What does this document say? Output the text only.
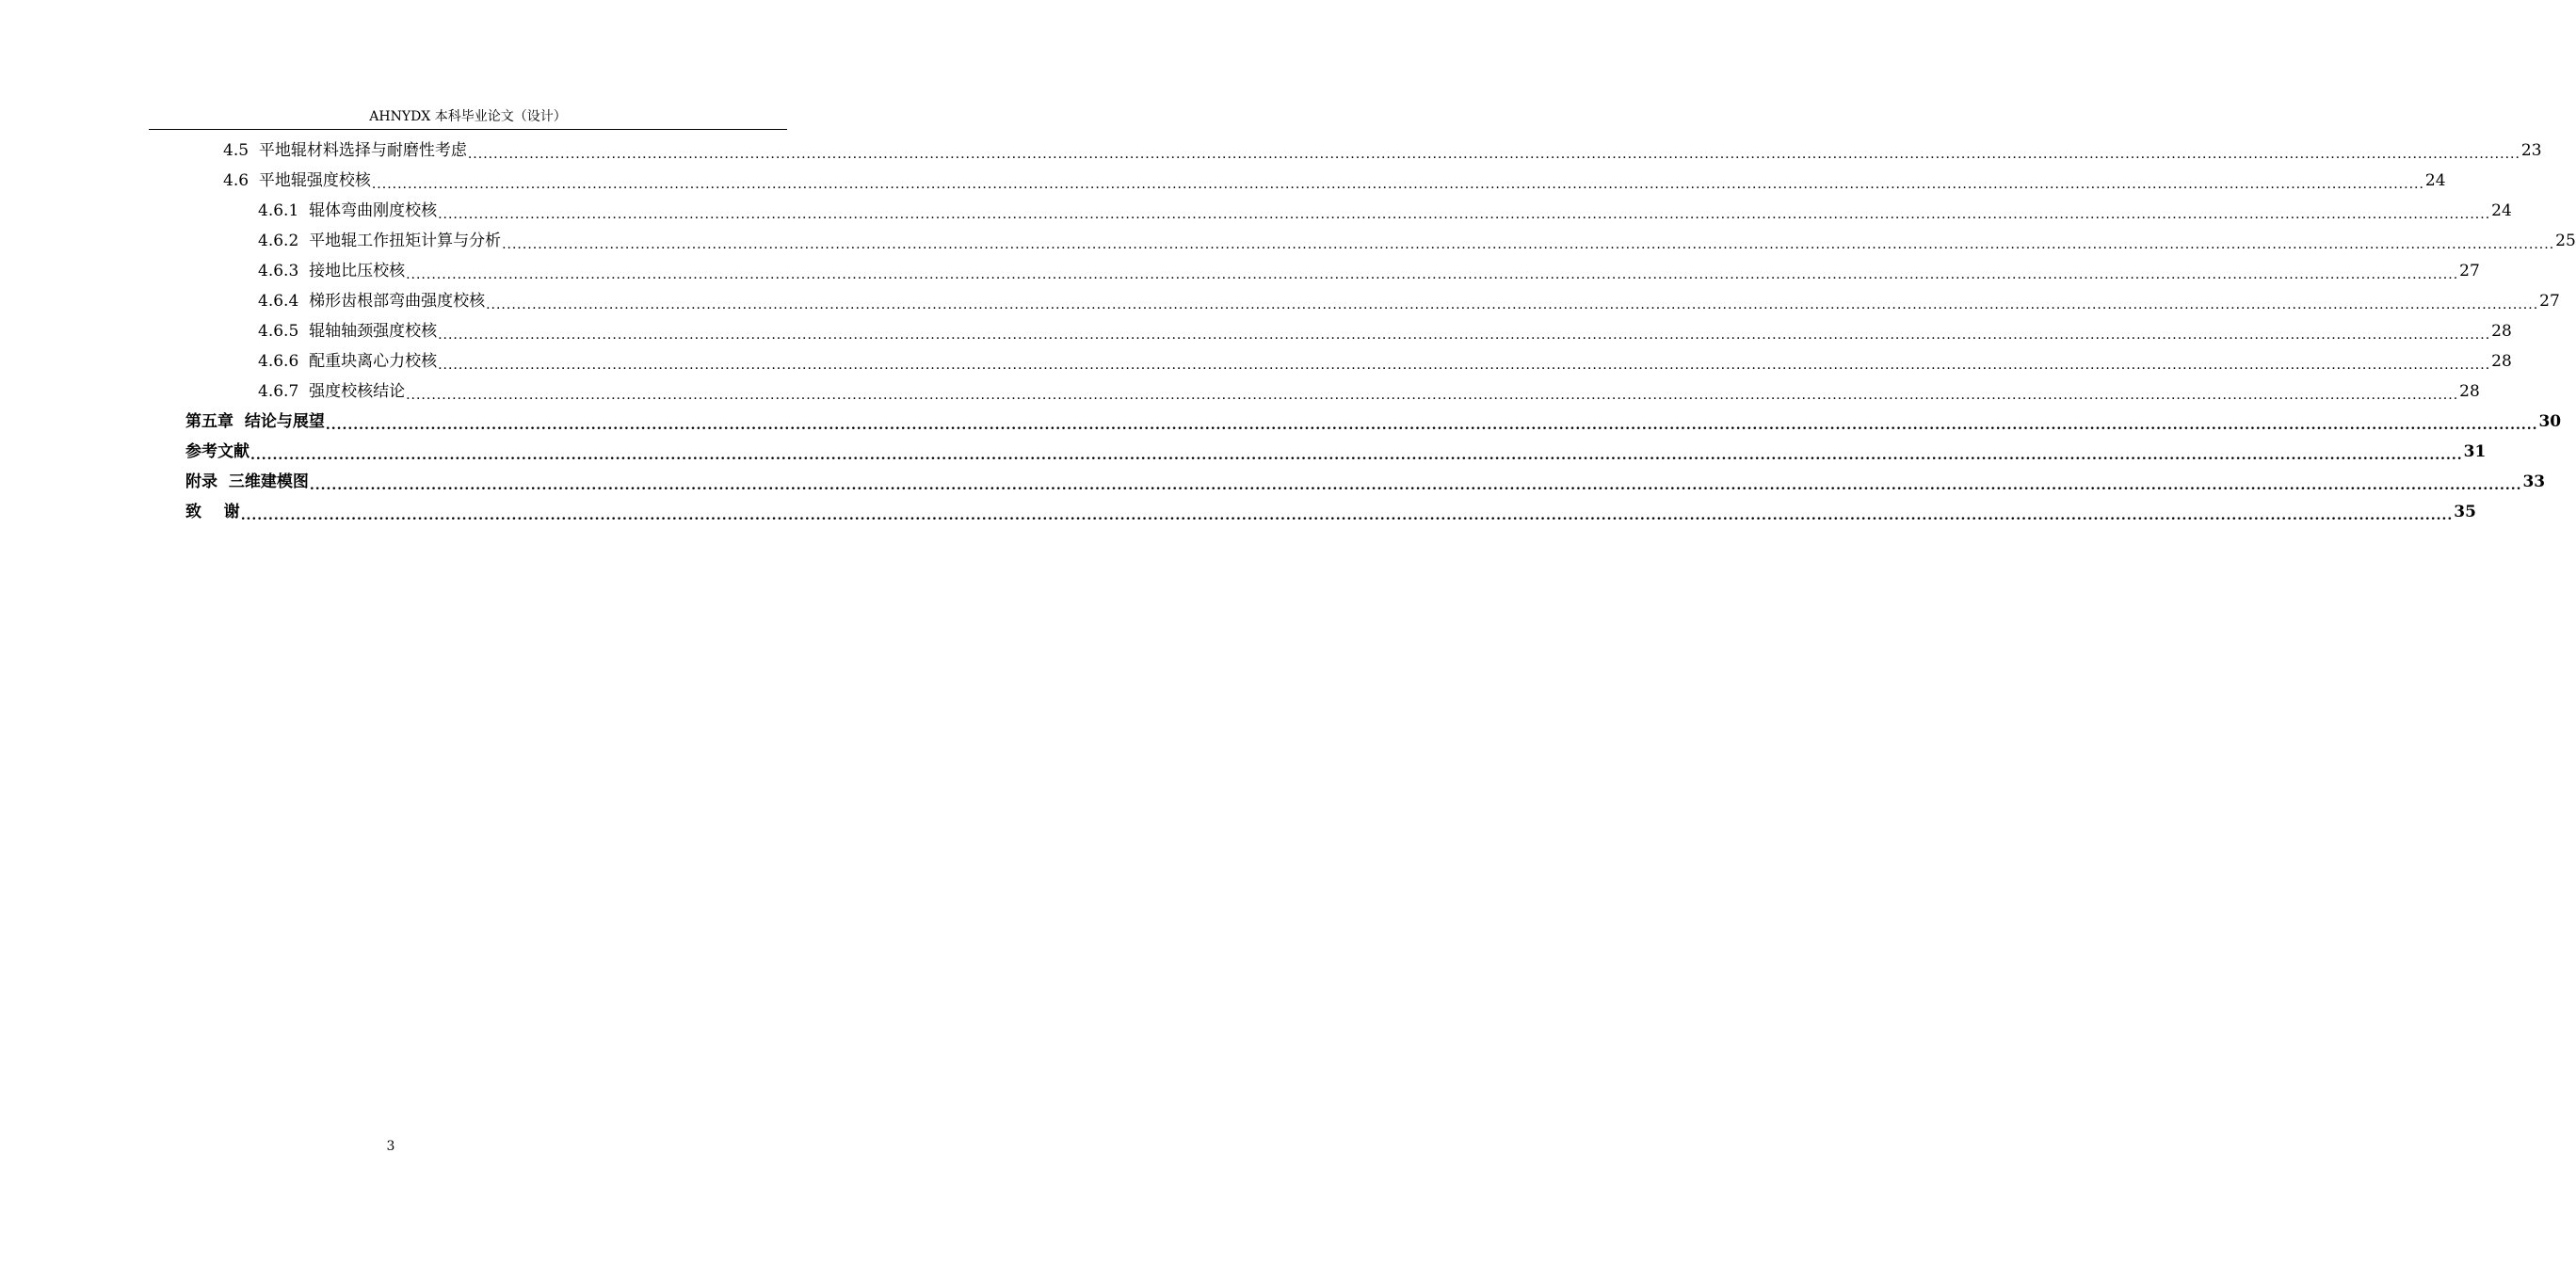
AHNYDX 本科毕业论文（设计）
4.5  平地辊材料选择与耐磨性考虑 ................................................................................................................................................................................................................................................................................................................................................................................................................ 23
4.6  平地辊强度校核 ................................................................................................................................................................................................................................................................................................................................................................................................................ 24
4.6.1  辊体弯曲刚度校核 ................................................................................................................................................................................................................................................................................................................................................................................................................ 24
4.6.2  平地辊工作扭矩计算与分析 ................................................................................................................................................................................................................................................................................................................................................................................................................ 25
4.6.3  接地比压校核 ................................................................................................................................................................................................................................................................................................................................................................................................................ 27
4.6.4  梯形齿根部弯曲强度校核 ................................................................................................................................................................................................................................................................................................................................................................................................................ 27
4.6.5  辊轴轴颈强度校核 ................................................................................................................................................................................................................................................................................................................................................................................................................ 28
4.6.6  配重块离心力校核 ................................................................................................................................................................................................................................................................................................................................................................................................................ 28
4.6.7  强度校核结论 ................................................................................................................................................................................................................................................................................................................................................................................................................ 28
第五章  结论与展望 ................................................................................................................................................................................................................................................................................................................................................................................................................ 30
参考文献 ................................................................................................................................................................................................................................................................................................................................................................................................................ 31
附录  三维建模图 ................................................................................................................................................................................................................................................................................................................................................................................................................ 33
致    谢 ................................................................................................................................................................................................................................................................................................................................................................................................................ 35
3
